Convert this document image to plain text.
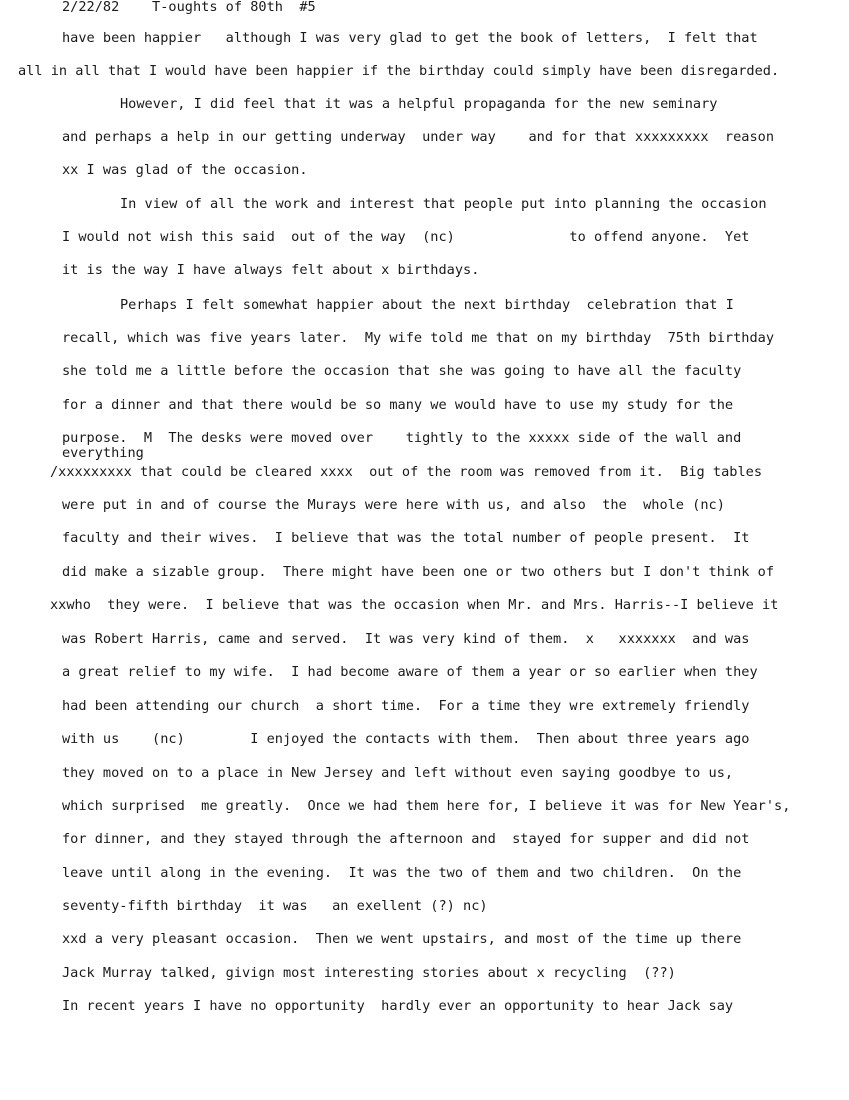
2/22/82    T-oughts of 80th  #5
have been happier   although I was very glad to get the book of letters,  I felt that
all in all that I would have been happier if the birthday could simply have been disregarded.
However, I did feel that it was a helpful propaganda for the new seminary
and perhaps a help in our getting underway  under way    and for that xxxxxxxxx  reason
xx I was glad of the occasion.
In view of all the work and interest that people put into planning the occasion
I would not wish this said  out of the way  (nc)              to offend anyone.  Yet
it is the way I have always felt about x birthdays.
Perhaps I felt somewhat happier about the next birthday  celebration that I
recall, which was five years later.  My wife told me that on my birthday  75th birthday
she told me a little before the occasion that she was going to have all the faculty
for a dinner and that there would be so many we would have to use my study for the
purpose.  M  The desks were moved over    tightly to the xxxxx side of the wall and
everything
/xxxxxxxxx that could be cleared xxxx  out of the room was removed from it.  Big tables
were put in and of course the Murays were here with us, and also  the  whole (nc)
faculty and their wives.  I believe that was the total number of people present.  It
did make a sizable group.  There might have been one or two others but I don't think of
xxwho  they were.  I believe that was the occasion when Mr. and Mrs. Harris--I believe it
was Robert Harris, came and served.  It was very kind of them.  x   xxxxxxx  and was
a great relief to my wife.  I had become aware of them a year or so earlier when they
had been attending our church  a short time.  For a time they wre extremely friendly
with us    (nc)        I enjoyed the contacts with them.  Then about three years ago
they moved on to a place in New Jersey and left without even saying goodbye to us,
which surprised  me greatly.  Once we had them here for, I believe it was for New Year's,
for dinner, and they stayed through the afternoon and  stayed for supper and did not
leave until along in the evening.  It was the two of them and two children.  On the
seventy-fifth birthday  it was   an exellent (?) nc)
xxd a very pleasant occasion.  Then we went upstairs, and most of the time up there
Jack Murray talked, givign most interesting stories about x recycling  (??)
In recent years I have no opportunity  hardly ever an opportunity to hear Jack say
